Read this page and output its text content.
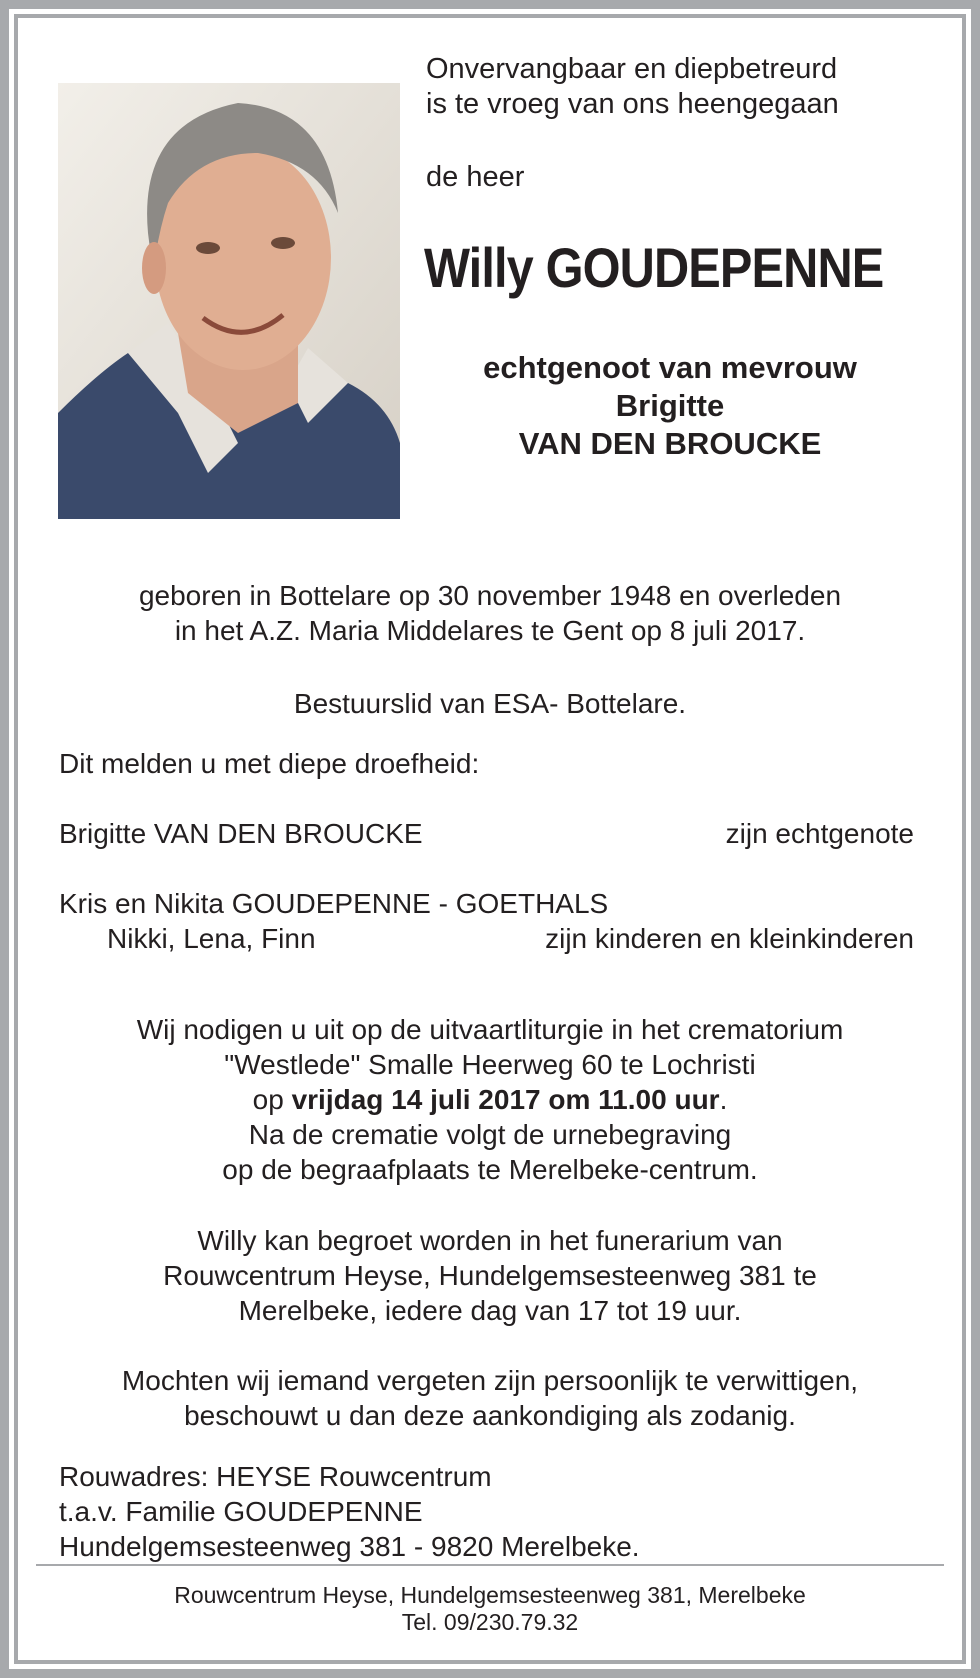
Onvervangbaar en diepbetreurd
is te vroeg van ons heengegaan
de heer
Willy GOUDEPENNE
echtgenoot van mevrouw
Brigitte
VAN DEN BROUCKE
geboren in Bottelare op 30 november 1948 en overleden
in het A.Z. Maria Middelares te Gent op 8 juli 2017.
Bestuurslid van ESA- Bottelare.
Dit melden u met diepe droefheid:
Brigitte VAN DEN BROUCKE	zijn echtgenote
Kris en Nikita GOUDEPENNE - GOETHALS
Nikki, Lena, Finn	zijn kinderen en kleinkinderen
Wij nodigen u uit op de uitvaartliturgie in het crematorium
"Westlede" Smalle Heerweg 60 te Lochristi
op vrijdag 14 juli 2017 om 11.00 uur.
Na de crematie volgt de urnebegraving
op de begraafplaats te Merelbeke-centrum.
Willy kan begroet worden in het funerarium van
Rouwcentrum Heyse, Hundelgemsesteenweg 381 te
Merelbeke, iedere dag van 17 tot 19 uur.
Mochten wij iemand vergeten zijn persoonlijk te verwittigen,
beschouwt u dan deze aankondiging als zodanig.
Rouwadres: HEYSE Rouwcentrum
t.a.v. Familie GOUDEPENNE
Hundelgemsesteenweg 381 - 9820 Merelbeke.
Rouwcentrum Heyse, Hundelgemsesteenweg 381, Merelbeke
Tel. 09/230.79.32
